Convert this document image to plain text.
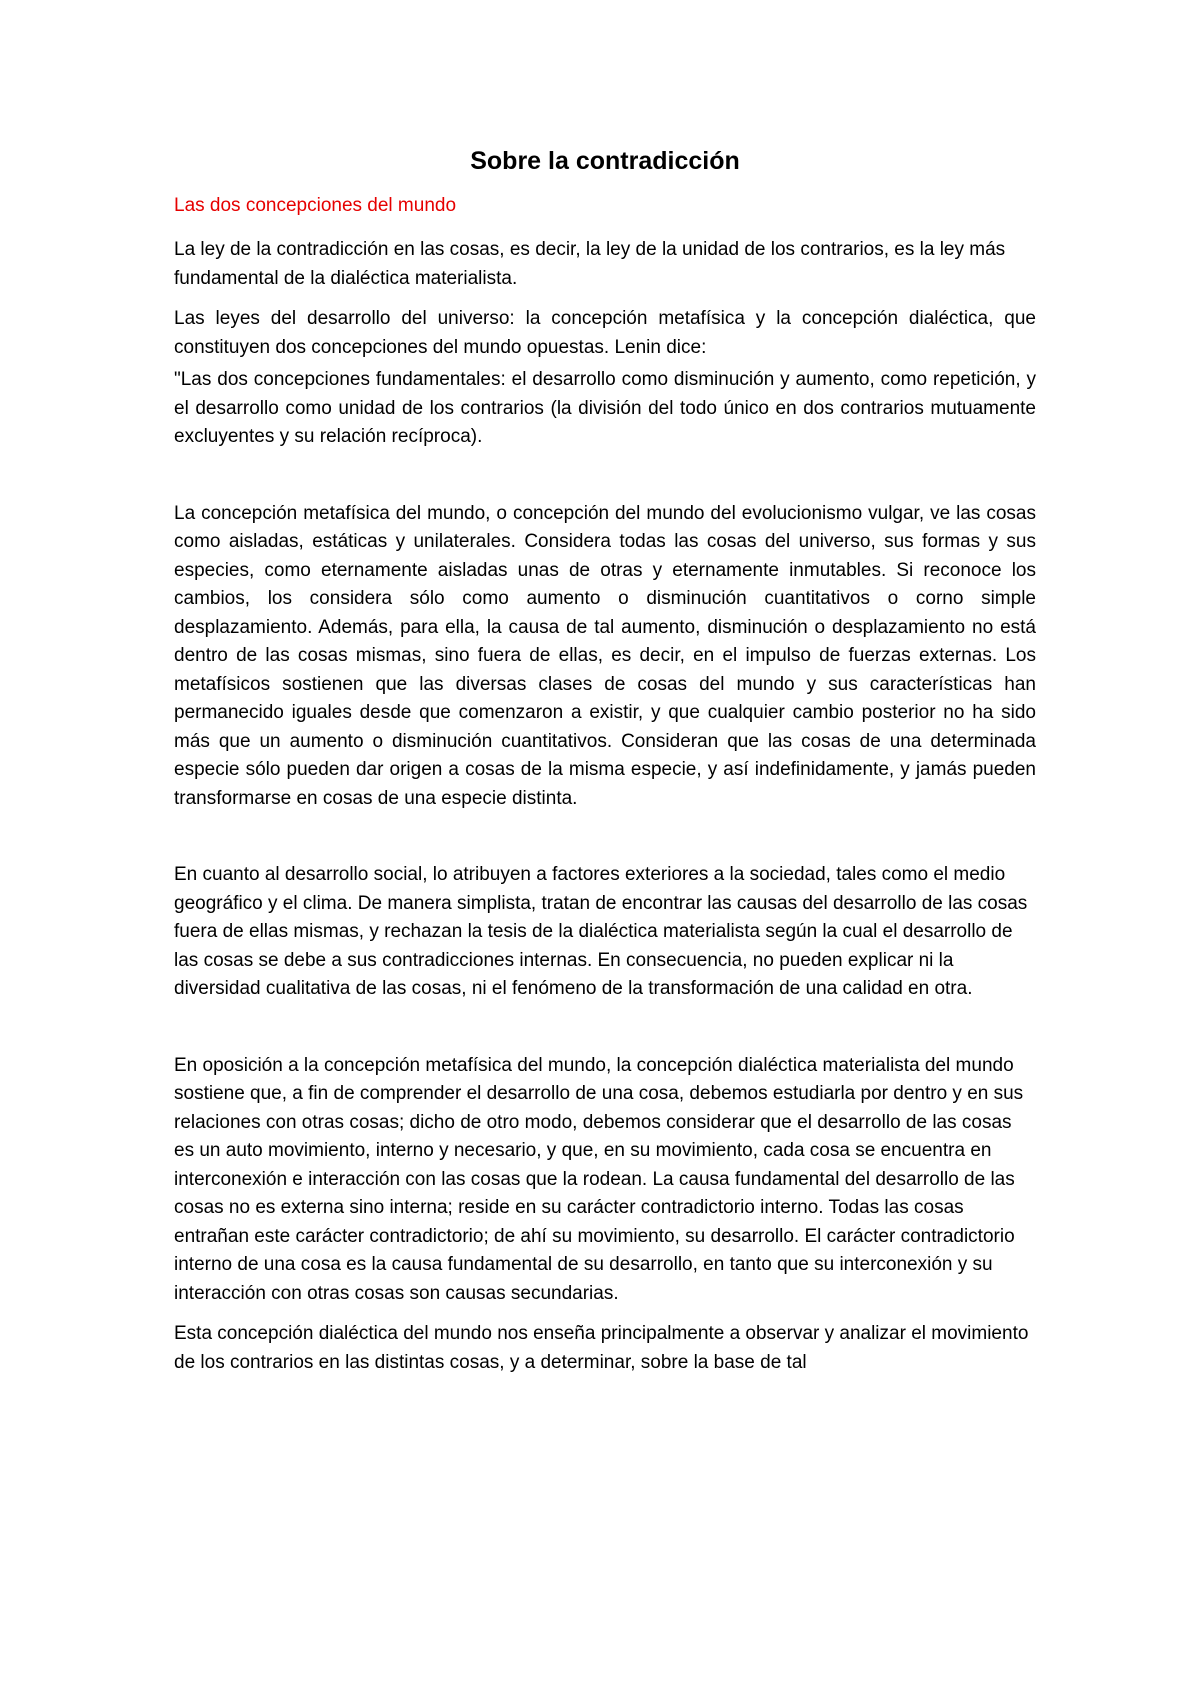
Sobre la contradicción
Las dos concepciones del mundo

La ley de la contradicción en las cosas, es decir, la ley de la unidad de los contrarios, es la ley más fundamental de la dialéctica materialista.

Las leyes del desarrollo del universo: la concepción metafísica y la concepción dialéctica, que constituyen dos concepciones del mundo opuestas. Lenin dice:

"Las dos concepciones fundamentales: el desarrollo como disminución y aumento, como repetición, y el desarrollo como unidad de los contrarios (la división del todo único en dos contrarios mutuamente excluyentes y su relación recíproca).

La concepción metafísica del mundo, o concepción del mundo del evolucionismo vulgar, ve las cosas como aisladas, estáticas y unilaterales. Considera todas las cosas del universo, sus formas y sus especies, como eternamente aisladas unas de otras y eternamente inmutables. Si reconoce los cambios, los considera sólo como aumento o disminución cuantitativos o corno simple desplazamiento. Además, para ella, la causa de tal aumento, disminución o desplazamiento no está dentro de las cosas mismas, sino fuera de ellas, es decir, en el impulso de fuerzas externas. Los metafísicos sostienen que las diversas clases de cosas del mundo y sus características han permanecido iguales desde que comenzaron a existir, y que cualquier cambio posterior no ha sido más que un aumento o disminución cuantitativos. Consideran que las cosas de una determinada especie sólo pueden dar origen a cosas de la misma especie, y así indefinidamente, y jamás pueden transformarse en cosas de una especie distinta.

En cuanto al desarrollo social, lo atribuyen a factores exteriores a la sociedad, tales como el medio geográfico y el clima. De manera simplista, tratan de encontrar las causas del desarrollo de las cosas fuera de ellas mismas, y rechazan la tesis de la dialéctica materialista según la cual el desarrollo de las cosas se debe a sus contradicciones internas. En consecuencia, no pueden explicar ni la diversidad cualitativa de las cosas, ni el fenómeno de la transformación de una calidad en otra.

En oposición a la concepción metafísica del mundo, la concepción dialéctica materialista del mundo sostiene que, a fin de comprender el desarrollo de una cosa, debemos estudiarla por dentro y en sus relaciones con otras cosas; dicho de otro modo, debemos considerar que el desarrollo de las cosas es un auto movimiento, interno y necesario, y que, en su movimiento, cada cosa se encuentra en interconexión e interacción con las cosas que la rodean. La causa fundamental del desarrollo de las cosas no es externa sino interna; reside en su carácter contradictorio interno. Todas las cosas entrañan este carácter contradictorio; de ahí su movimiento, su desarrollo. El carácter contradictorio interno de una cosa es la causa fundamental de su desarrollo, en tanto que su interconexión y su interacción con otras cosas son causas secundarias.

Esta concepción dialéctica del mundo nos enseña principalmente a observar y analizar el movimiento de los contrarios en las distintas cosas, y a determinar, sobre la base de tal
